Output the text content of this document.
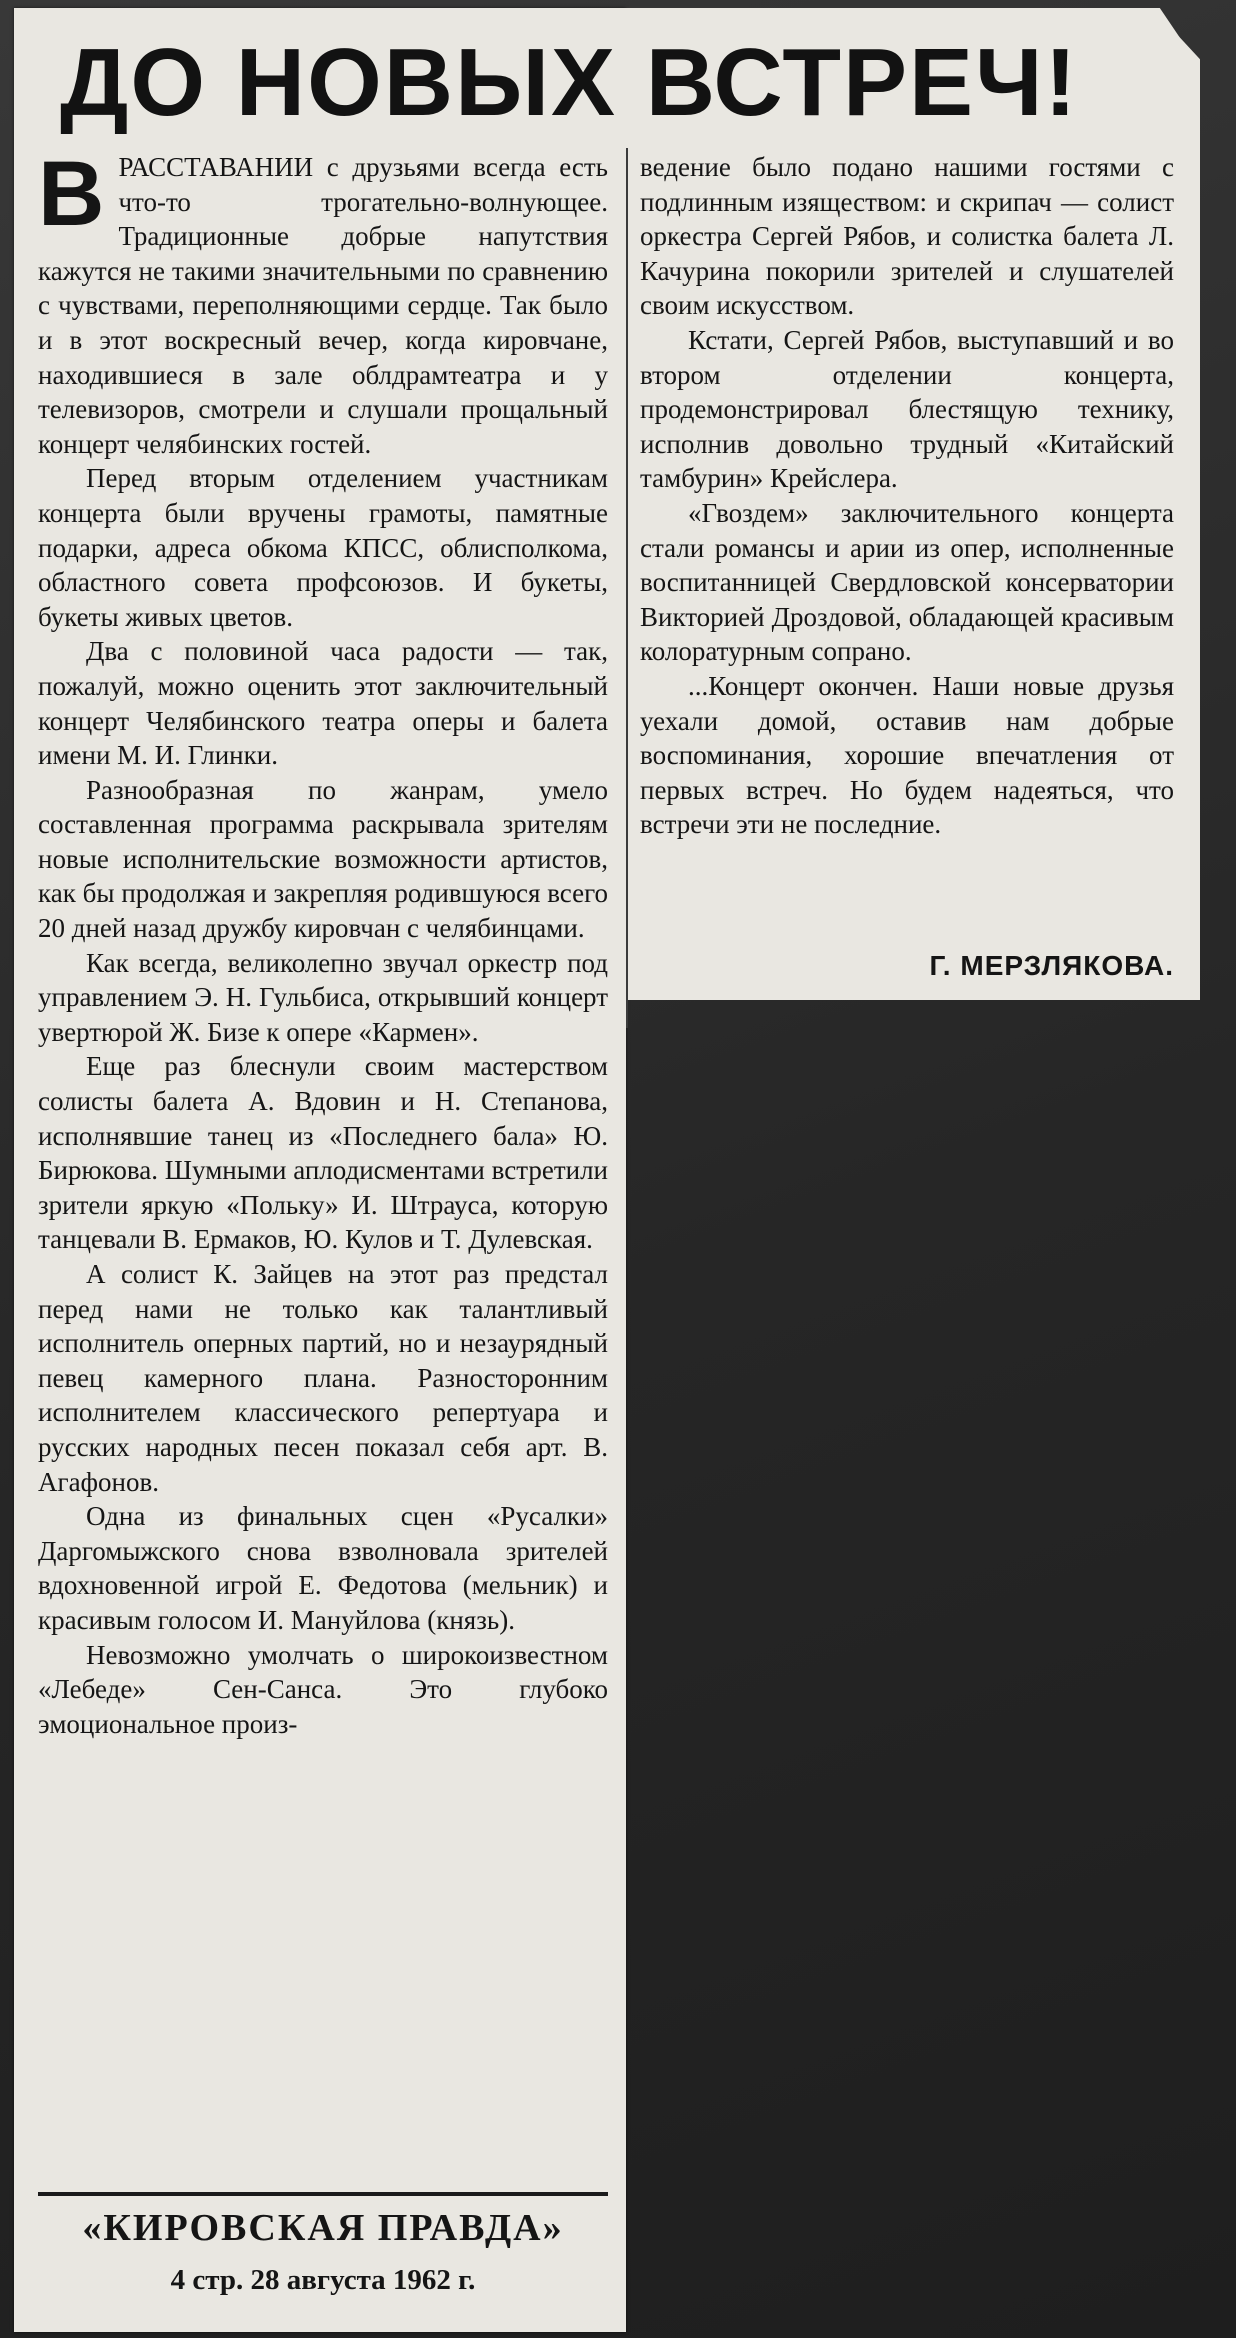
ДО НОВЫХ ВСТРЕЧ!

ВРАССТАВАНИИ с друзьями всегда есть что-то трогательно-волнующее. Традиционные добрые напутствия кажутся не такими значительными по сравнению с чувствами, переполняющими сердце. Так было и в этот воскресный вечер, когда кировчане, находившиеся в зале облдрамтеатра и у телевизоров, смотрели и слушали прощальный концерт челябинских гостей.

Перед вторым отделением участникам концерта были вручены грамоты, памятные подарки, адреса обкома КПСС, облисполкома, областного совета профсоюзов. И букеты, букеты живых цветов.

Два с половиной часа радости — так, пожалуй, можно оценить этот заключительный концерт Челябинского театра оперы и балета имени М. И. Глинки.

Разнообразная по жанрам, умело составленная программа раскрывала зрителям новые исполнительские возможности артистов, как бы продолжая и закрепляя родившуюся всего 20 дней назад дружбу кировчан с челябинцами.

Как всегда, великолепно звучал оркестр под управлением Э. Н. Гульбиса, открывший концерт увертюрой Ж. Бизе к опере «Кармен».

Еще раз блеснули своим мастерством солисты балета А. Вдовин и Н. Степанова, исполнявшие танец из «Последнего бала» Ю. Бирюкова. Шумными аплодисментами встретили зрители яркую «Польку» И. Штрауса, которую танцевали В. Ермаков, Ю. Кулов и Т. Дулевская.

А солист К. Зайцев на этот раз предстал перед нами не только как талантливый исполнитель оперных партий, но и незаурядный певец камерного плана. Разносторонним исполнителем классического репертуара и русских народных песен показал себя арт. В. Агафонов.

Одна из финальных сцен «Русалки» Даргомыжского снова взволновала зрителей вдохновенной игрой Е. Федотова (мельник) и красивым голосом И. Мануйлова (князь).

Невозможно умолчать о широкоизвестном «Лебеде» Сен-Санса. Это глубоко эмоциональное произ-

ведение было подано нашими гостями с подлинным изяществом: и скрипач — солист оркестра Сергей Рябов, и солистка балета Л. Качурина покорили зрителей и слушателей своим искусством.

Кстати, Сергей Рябов, выступавший и во втором отделении концерта, продемонстрировал блестящую технику, исполнив довольно трудный «Китайский тамбурин» Крейслера.

«Гвоздем» заключительного концерта стали романсы и арии из опер, исполненные воспитанницей Свердловской консерватории Викторией Дроздовой, обладающей красивым колоратурным сопрано.

...Концерт окончен. Наши новые друзья уехали домой, оставив нам добрые воспоминания, хорошие впечатления от первых встреч. Но будем надеяться, что встречи эти не последние.

Г. МЕРЗЛЯКОВА.
«КИРОВСКАЯ ПРАВДА»
4 стр. 28 августа 1962 г.
